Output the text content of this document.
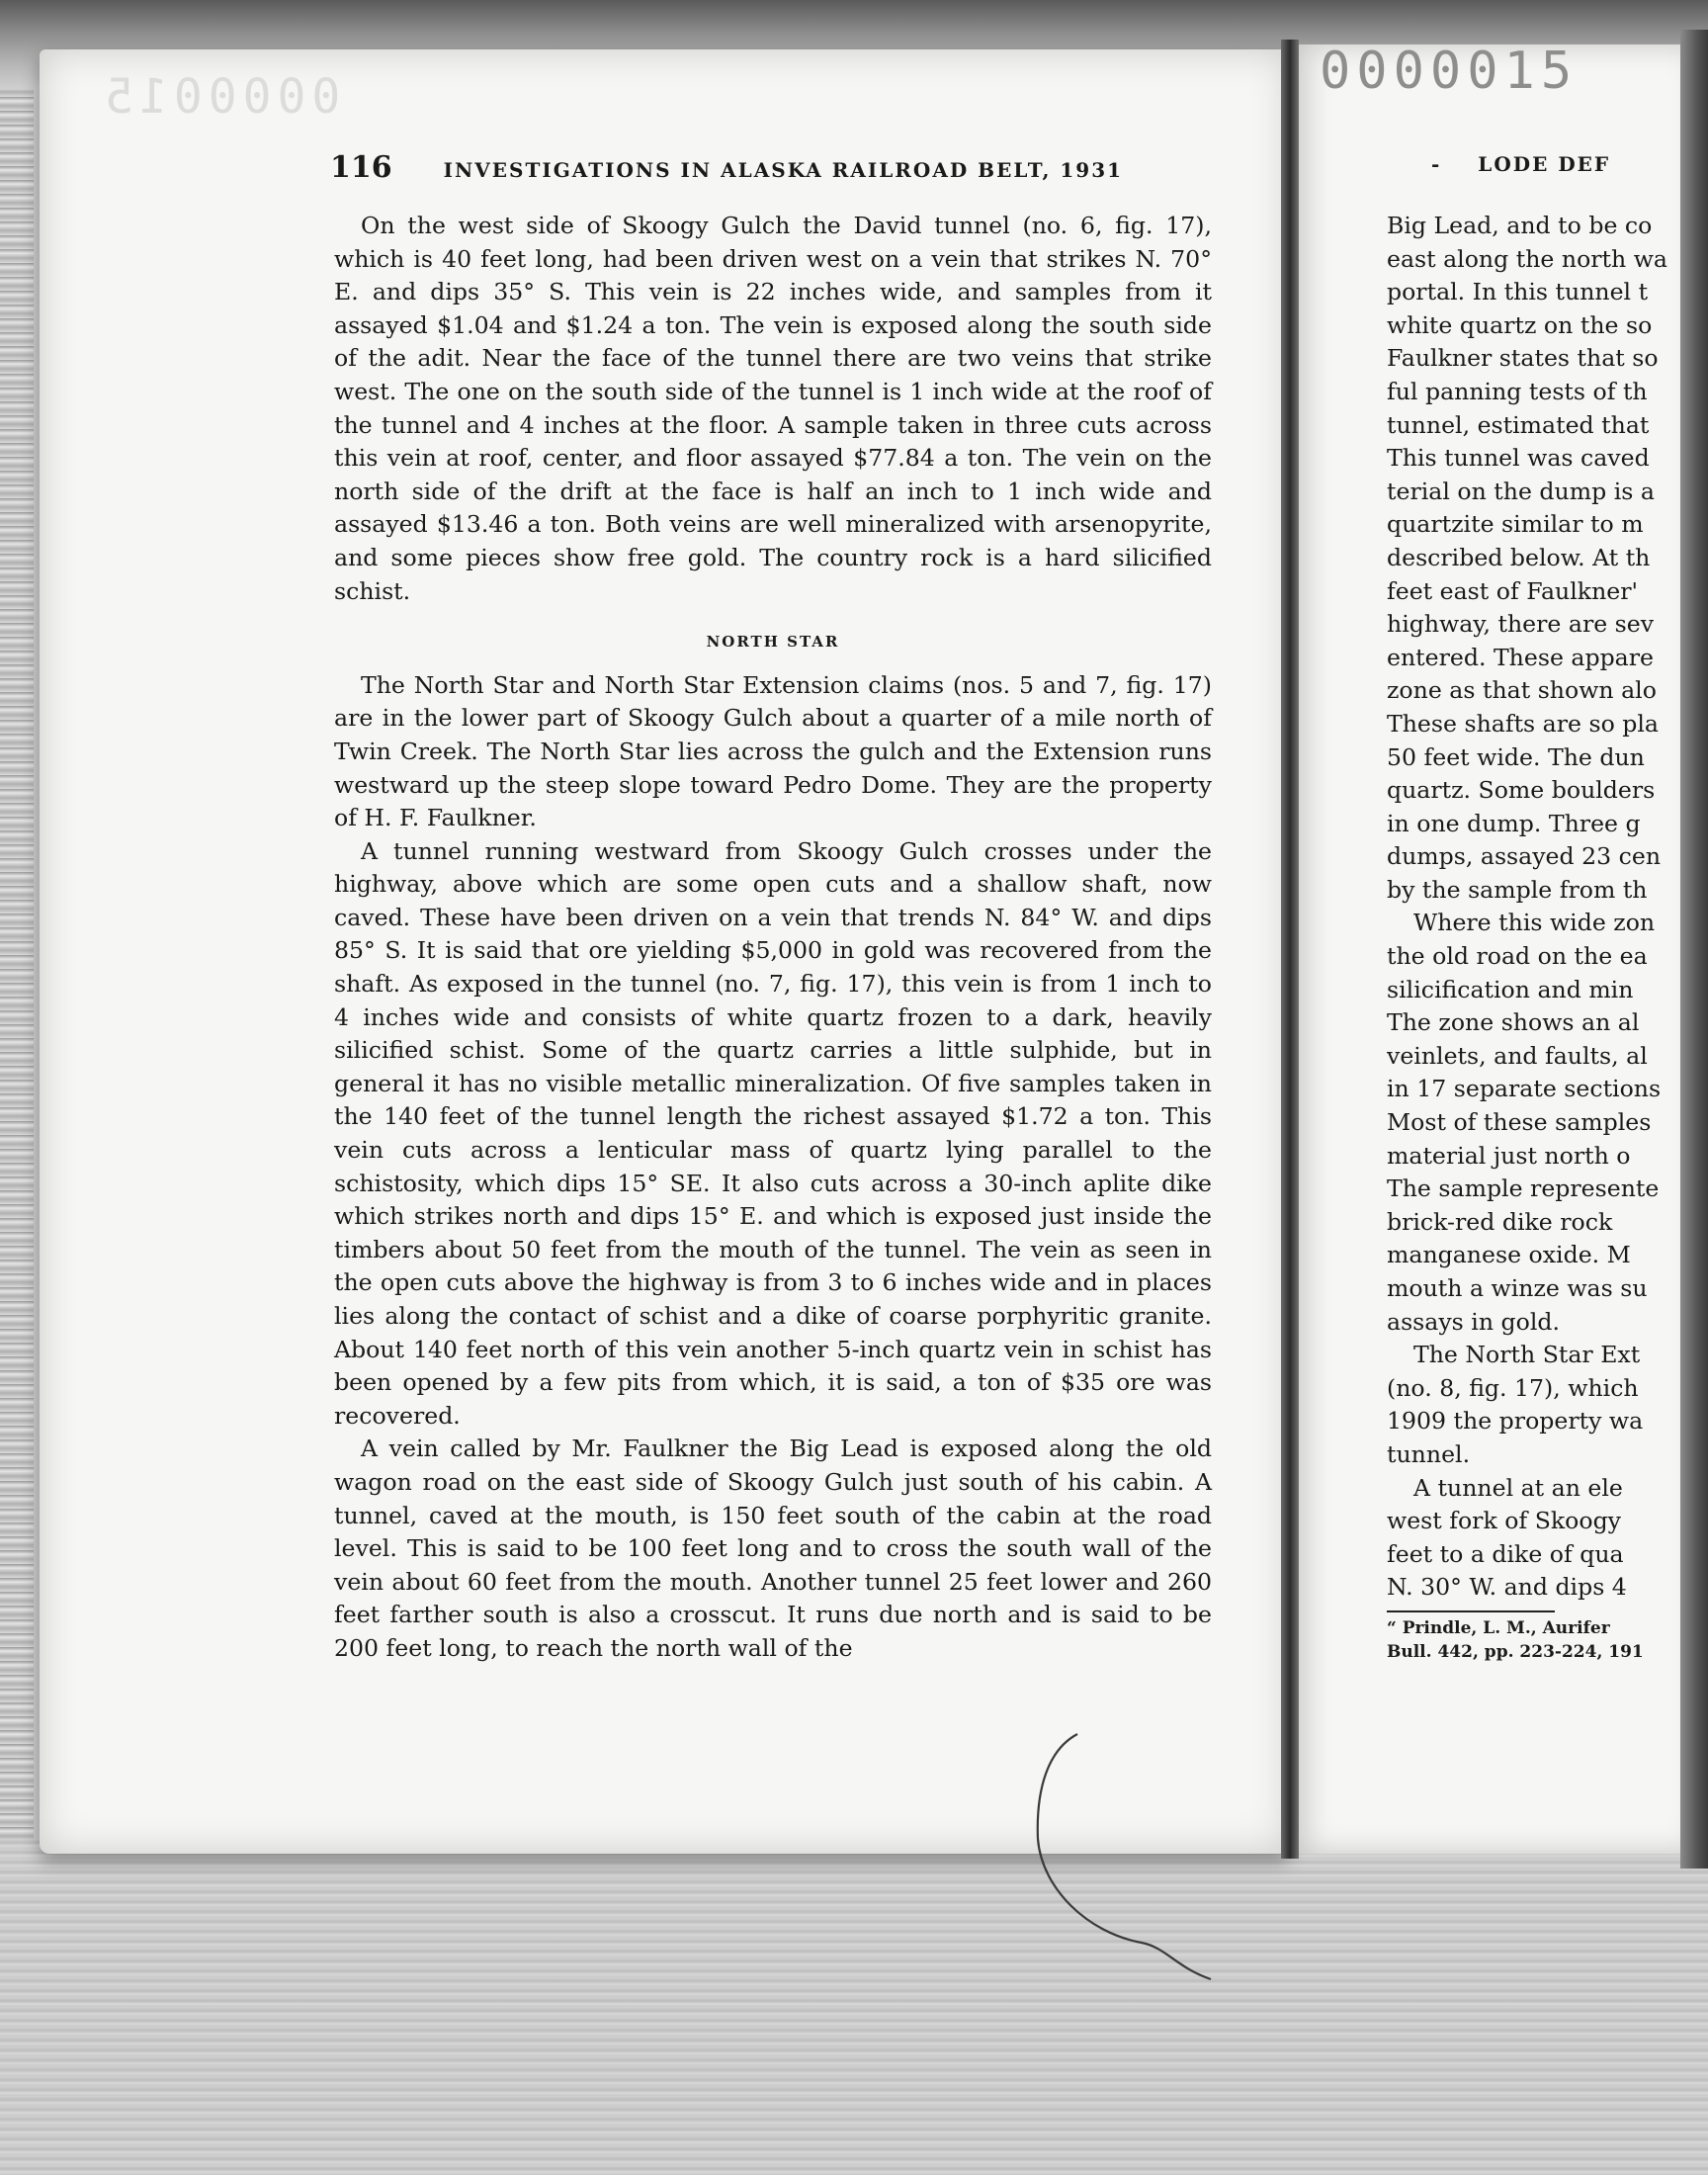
0000015	0000015
116	INVESTIGATIONS IN ALASKA RAILROAD BELT, 1931

On the west side of Skoogy Gulch the David tunnel (no. 6, fig. 17), which is 40 feet long, had been driven west on a vein that strikes N. 70° E. and dips 35° S. This vein is 22 inches wide, and samples from it assayed $1.04 and $1.24 a ton. The vein is exposed along the south side of the adit. Near the face of the tunnel there are two veins that strike west. The one on the south side of the tunnel is 1 inch wide at the roof of the tunnel and 4 inches at the floor. A sample taken in three cuts across this vein at roof, center, and floor assayed $77.84 a ton. The vein on the north side of the drift at the face is half an inch to 1 inch wide and assayed $13.46 a ton. Both veins are well mineralized with arsenopyrite, and some pieces show free gold. The country rock is a hard silicified schist.

NORTH STAR

The North Star and North Star Extension claims (nos. 5 and 7, fig. 17) are in the lower part of Skoogy Gulch about a quarter of a mile north of Twin Creek. The North Star lies across the gulch and the Extension runs westward up the steep slope toward Pedro Dome. They are the property of H. F. Faulkner.

A tunnel running westward from Skoogy Gulch crosses under the highway, above which are some open cuts and a shallow shaft, now caved. These have been driven on a vein that trends N. 84° W. and dips 85° S. It is said that ore yielding $5,000 in gold was recovered from the shaft. As exposed in the tunnel (no. 7, fig. 17), this vein is from 1 inch to 4 inches wide and consists of white quartz frozen to a dark, heavily silicified schist. Some of the quartz carries a little sulphide, but in general it has no visible metallic mineralization. Of five samples taken in the 140 feet of the tunnel length the richest assayed $1.72 a ton. This vein cuts across a lenticular mass of quartz lying parallel to the schistosity, which dips 15° SE. It also cuts across a 30-inch aplite dike which strikes north and dips 15° E. and which is exposed just inside the timbers about 50 feet from the mouth of the tunnel. The vein as seen in the open cuts above the highway is from 3 to 6 inches wide and in places lies along the contact of schist and a dike of coarse porphyritic granite. About 140 feet north of this vein another 5-inch quartz vein in schist has been opened by a few pits from which, it is said, a ton of $35 ore was recovered.

A vein called by Mr. Faulkner the Big Lead is exposed along the old wagon road on the east side of Skoogy Gulch just south of his cabin. A tunnel, caved at the mouth, is 150 feet south of the cabin at the road level. This is said to be 100 feet long and to cross the south wall of the vein about 60 feet from the mouth. Another tunnel 25 feet lower and 260 feet farther south is also a crosscut. It runs due north and is said to be 200 feet long, to reach the north wall of the

- LODE DEF
Big Lead, and to be co
east along the north wa
portal. In this tunnel t
white quartz on the so
Faulkner states that so
ful panning tests of th
tunnel, estimated that
This tunnel was caved
terial on the dump is a
quartzite similar to m
described below. At th
feet east of Faulkner'
highway, there are sev
entered. These appare
zone as that shown alo
These shafts are so pla
50 feet wide. The dun
quartz. Some boulders
in one dump. Three g
dumps, assayed 23 cen
by the sample from th
Where this wide zon
the old road on the ea
silicification and min
The zone shows an al
veinlets, and faults, al
in 17 separate sections
Most of these samples
material just north o
The sample represente
brick-red dike rock
manganese oxide. M
mouth a winze was su
assays in gold.
The North Star Ext
(no. 8, fig. 17), which
1909 the property wa
tunnel.
A tunnel at an ele
west fork of Skoogy
feet to a dike of qua
N. 30° W. and dips 4
“ Prindle, L. M., Aurifer
Bull. 442, pp. 223-224, 191
